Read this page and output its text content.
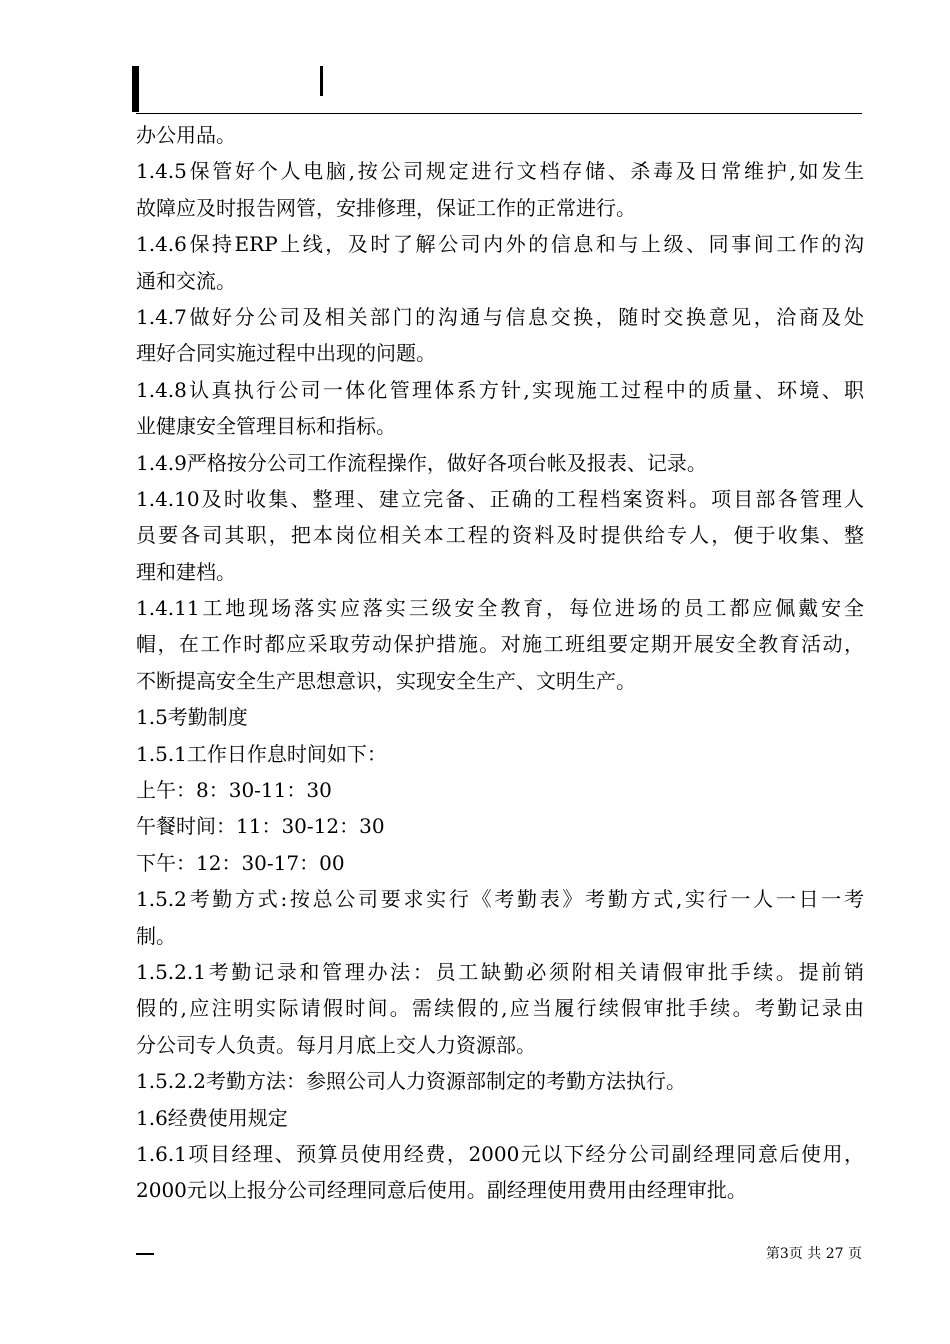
办公用品。
1.4.5保管好个人电脑,按公司规定进行文档存储、杀毒及日常维护,如发生
故障应及时报告网管，安排修理，保证工作的正常进行。
1.4.6保持ERP上线，及时了解公司内外的信息和与上级、同事间工作的沟
通和交流。
1.4.7做好分公司及相关部门的沟通与信息交换，随时交换意见，洽商及处
理好合同实施过程中出现的问题。
1.4.8认真执行公司一体化管理体系方针,实现施工过程中的质量、环境、职
业健康安全管理目标和指标。
1.4.9严格按分公司工作流程操作，做好各项台帐及报表、记录。
1.4.10及时收集、整理、建立完备、正确的工程档案资料。项目部各管理人
员要各司其职，把本岗位相关本工程的资料及时提供给专人，便于收集、整
理和建档。
1.4.11工地现场落实应落实三级安全教育，每位进场的员工都应佩戴安全
帽，在工作时都应采取劳动保护措施。对施工班组要定期开展安全教育活动，
不断提高安全生产思想意识，实现安全生产、文明生产。
1.5考勤制度
1.5.1工作日作息时间如下：
上午：8：30-11：30
午餐时间：11：30-12：30
下午：12：30-17：00
1.5.2考勤方式:按总公司要求实行《考勤表》考勤方式,实行一人一日一考
制。
1.5.2.1考勤记录和管理办法：员工缺勤必须附相关请假审批手续。提前销
假的,应注明实际请假时间。需续假的,应当履行续假审批手续。考勤记录由
分公司专人负责。每月月底上交人力资源部。
1.5.2.2考勤方法：参照公司人力资源部制定的考勤方法执行。
1.6经费使用规定
1.6.1项目经理、预算员使用经费，2000元以下经分公司副经理同意后使用，
2000元以上报分公司经理同意后使用。副经理使用费用由经理审批。
第3页 共 27 页
